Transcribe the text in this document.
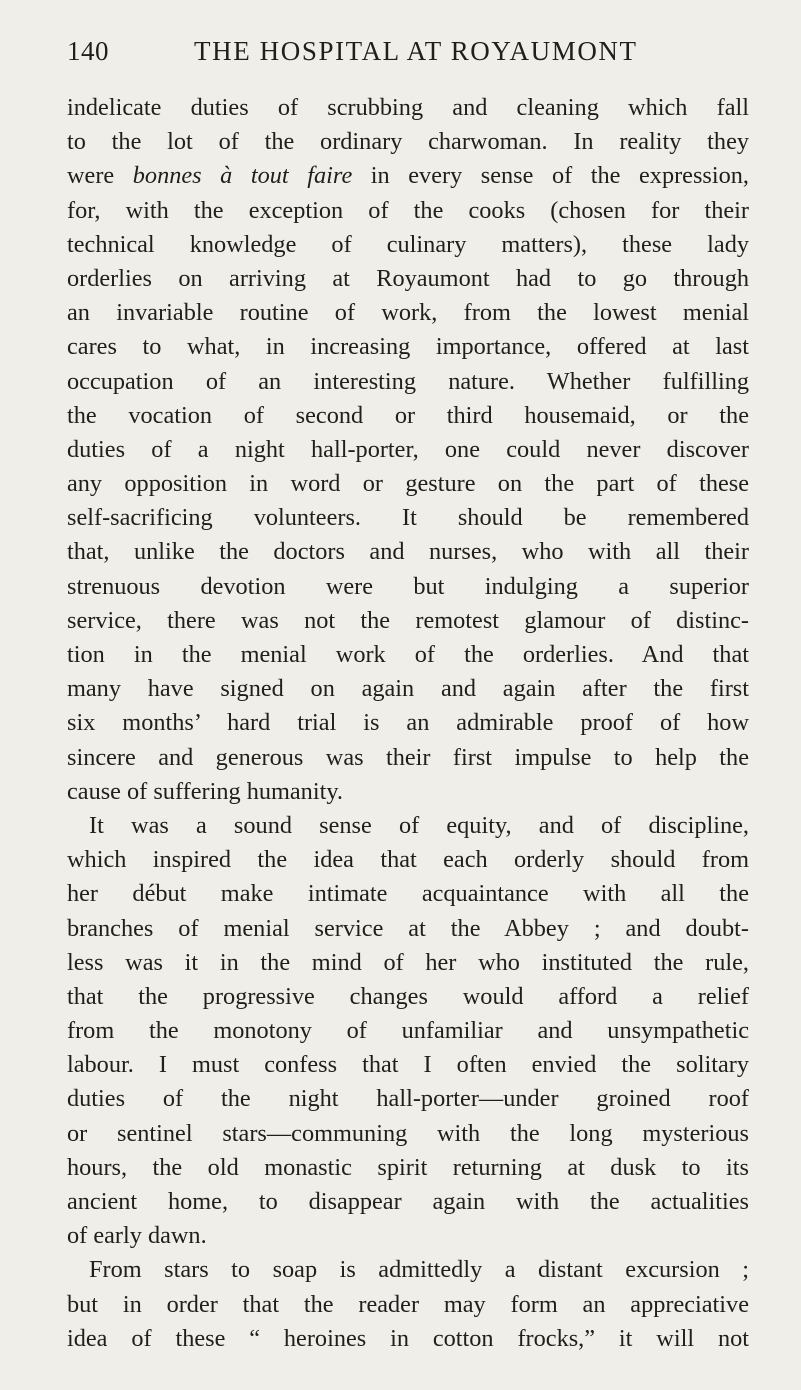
140	THE HOSPITAL AT ROYAUMONT
indelicate duties of scrubbing and cleaning which fall
to the lot of the ordinary charwoman. In reality they
were bonnes à tout faire in every sense of the expression,
for, with the exception of the cooks (chosen for their
technical knowledge of culinary matters), these lady
orderlies on arriving at Royaumont had to go through
an invariable routine of work, from the lowest menial
cares to what, in increasing importance, offered at last
occupation of an interesting nature. Whether fulfilling
the vocation of second or third housemaid, or the
duties of a night hall-porter, one could never discover
any opposition in word or gesture on the part of these
self-sacrificing volunteers. It should be remembered
that, unlike the doctors and nurses, who with all their
strenuous devotion were but indulging a superior
service, there was not the remotest glamour of distinc-
tion in the menial work of the orderlies. And that
many have signed on again and again after the first
six months’ hard trial is an admirable proof of how
sincere and generous was their first impulse to help the
cause of suffering humanity.
It was a sound sense of equity, and of discipline,
which inspired the idea that each orderly should from
her début make intimate acquaintance with all the
branches of menial service at the Abbey ; and doubt-
less was it in the mind of her who instituted the rule,
that the progressive changes would afford a relief
from the monotony of unfamiliar and unsympathetic
labour. I must confess that I often envied the solitary
duties of the night hall-porter—under groined roof
or sentinel stars—communing with the long mysterious
hours, the old monastic spirit returning at dusk to its
ancient home, to disappear again with the actualities
of early dawn.
From stars to soap is admittedly a distant excursion ;
but in order that the reader may form an appreciative
idea of these “ heroines in cotton frocks,” it will not
